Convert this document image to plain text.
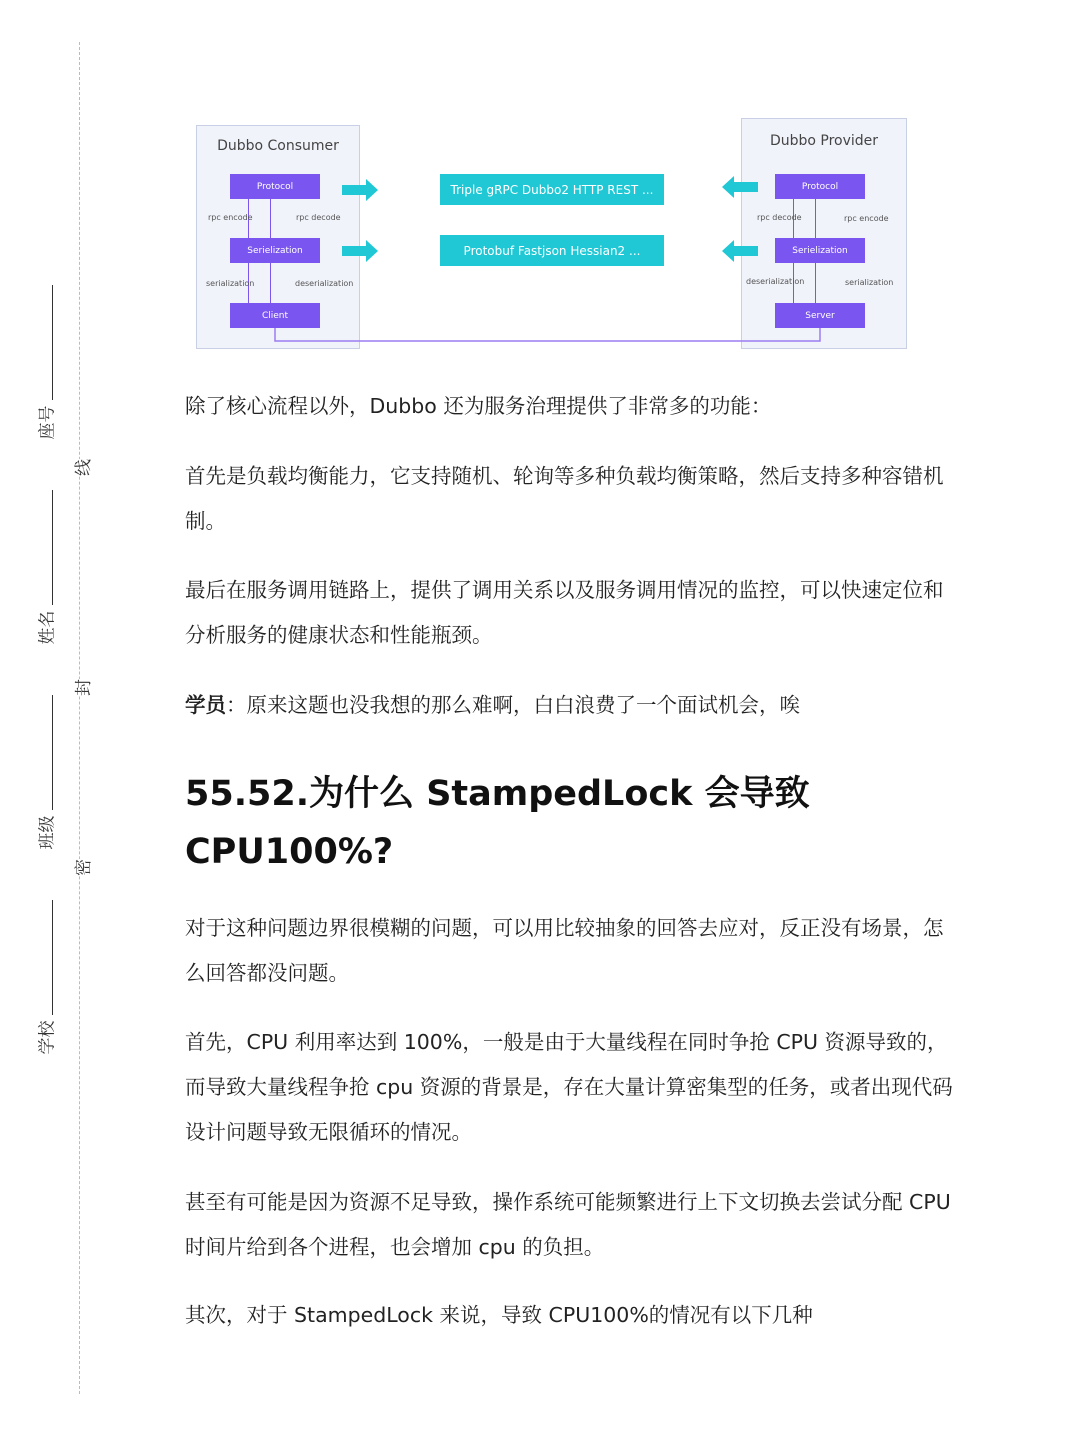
座号
姓名
班级
学校
线
封
密
Dubbo Consumer	Dubbo Provider
Protocol
Serielization
Client
Protocol
Serielization
Server
rpc encode	rpc decode
serialization	deserialization
rpc decode	rpc encode
deserialization	serialization
Triple gRPC Dubbo2 HTTP REST ...
Protobuf Fastjson Hessian2 ...

除了核心流程以外，Dubbo 还为服务治理提供了非常多的功能：

首先是负载均衡能力，它支持随机、轮询等多种负载均衡策略，然后支持多种容错机制。

最后在服务调用链路上，提供了调用关系以及服务调用情况的监控，可以快速定位和分析服务的健康状态和性能瓶颈。

学员：原来这题也没我想的那么难啊，白白浪费了一个面试机会，唉

55.52.为什么 StampedLock 会导致 CPU100%?

对于这种问题边界很模糊的问题，可以用比较抽象的回答去应对，反正没有场景，怎么回答都没问题。

首先，CPU 利用率达到 100%，一般是由于大量线程在同时争抢 CPU 资源导致的，而导致大量线程争抢 cpu 资源的背景是，存在大量计算密集型的任务，或者出现代码设计问题导致无限循环的情况。

甚至有可能是因为资源不足导致，操作系统可能频繁进行上下文切换去尝试分配 CPU 时间片给到各个进程，也会增加 cpu 的负担。

其次，对于 StampedLock 来说，导致 CPU100%的情况有以下几种
